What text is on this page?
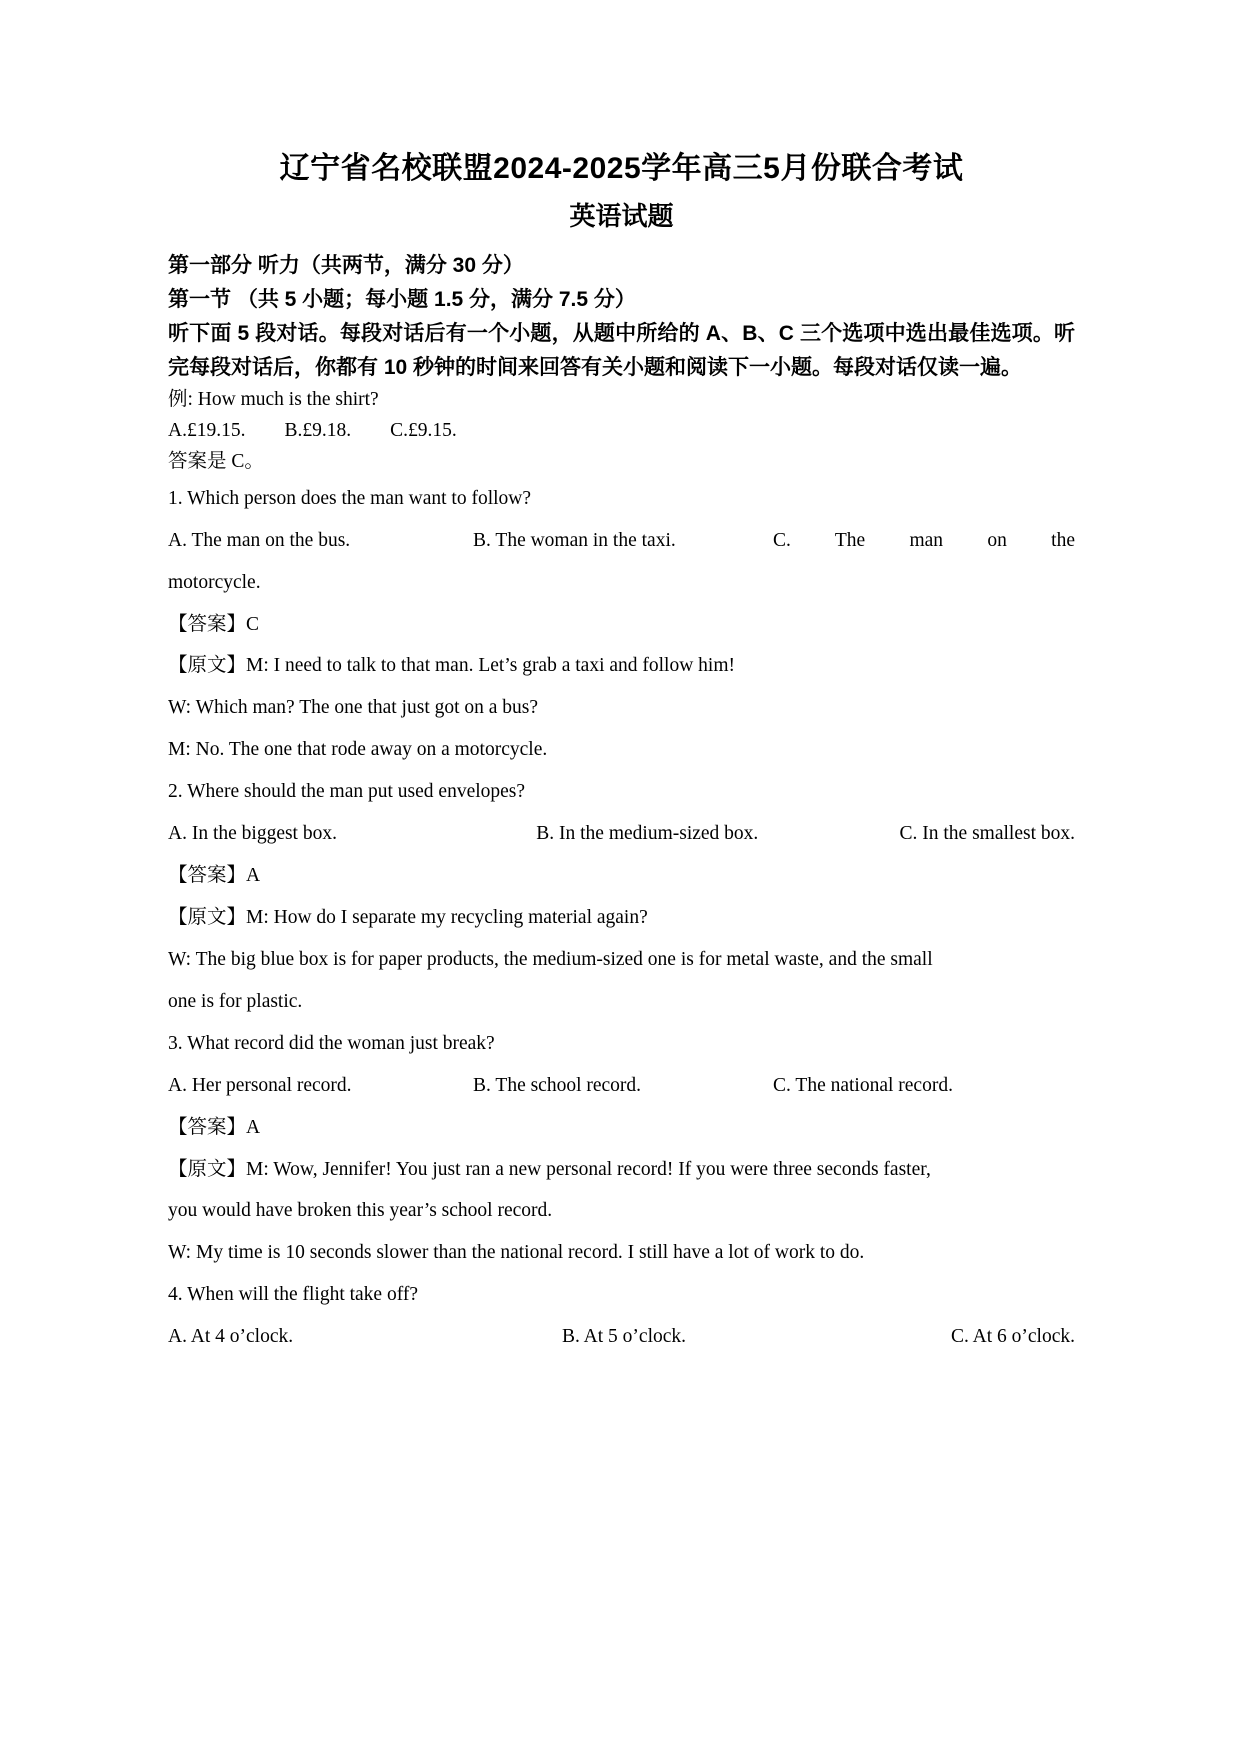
辽宁省名校联盟2024-2025学年高三5月份联合考试
英语试题

第一部分 听力（共两节，满分 30 分）

第一节 （共 5 小题；每小题 1.5 分，满分 7.5 分）

听下面 5 段对话。每段对话后有一个小题，从题中所给的 A、B、C 三个选项中选出最佳选项。听完每段对话后，你都有 10 秒钟的时间来回答有关小题和阅读下一小题。每段对话仅读一遍。

例: How much is the shirt?

A.£19.15.　　B.£9.18.　　C.£9.15.

答案是 C。

1. Which person does the man want to follow?

A. The man on the bus.	B. The woman in the taxi.	C. The man on the

motorcycle.

【答案】C

【原文】M: I need to talk to that man. Let’s grab a taxi and follow him!

W: Which man? The one that just got on a bus?

M: No. The one that rode away on a motorcycle.

2. Where should the man put used envelopes?

A. In the biggest box.	B. In the medium-sized box.	C. In the smallest box.

【答案】A

【原文】M: How do I separate my recycling material again?

W: The big blue box is for paper products, the medium-sized one is for metal waste, and the small

one is for plastic.

3. What record did the woman just break?

A. Her personal record.	B. The school record.	C. The national record.

【答案】A

【原文】M: Wow, Jennifer! You just ran a new personal record! If you were three seconds faster,

you would have broken this year’s school record.

W: My time is 10 seconds slower than the national record. I still have a lot of work to do.

4. When will the flight take off?

A. At 4 o’clock.	B. At 5 o’clock.	C. At 6 o’clock.
